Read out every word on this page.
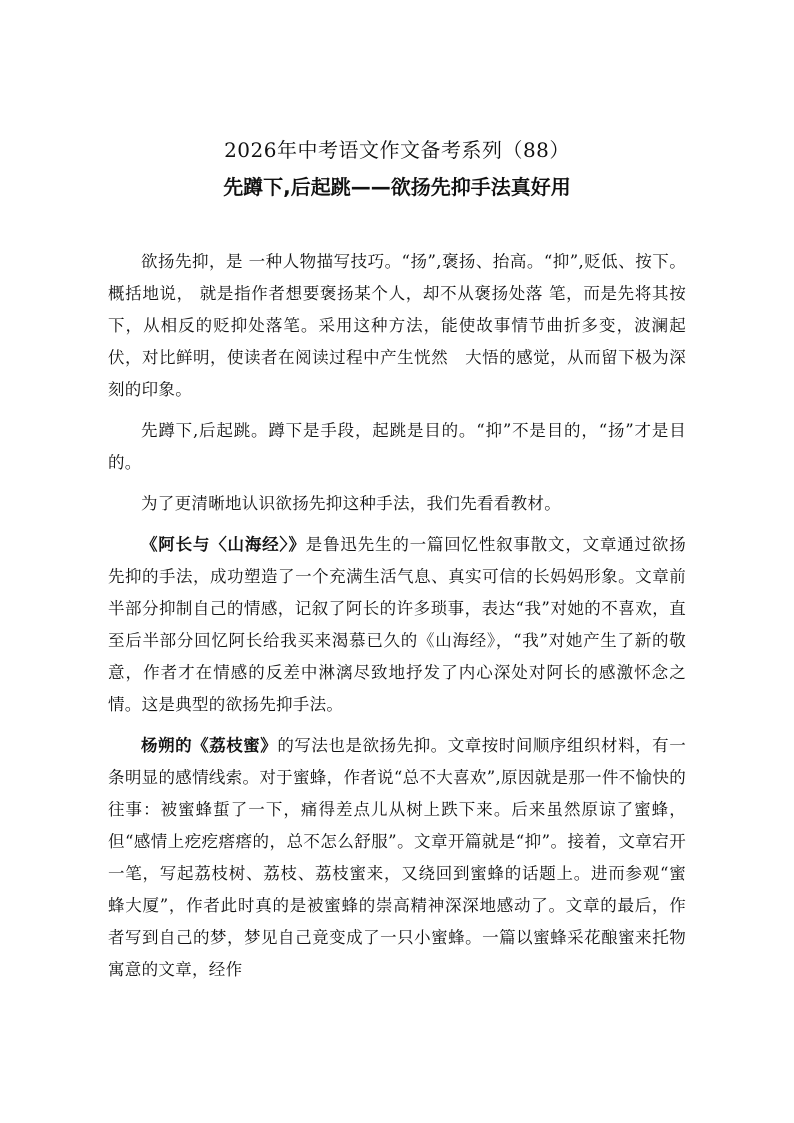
2026年中考语文作文备考系列（88）
先蹲下,后起跳——欲扬先抑手法真好用

欲扬先抑，是 一种人物描写技巧。“扬”,褒扬、抬高。“抑”,贬低、按下。概括地说， 就是指作者想要褒扬某个人，却不从褒扬处落 笔，而是先将其按下，从相反的贬抑处落笔。采用这种方法，能使故事情节曲折多变，波澜起伏，对比鲜明，使读者在阅读过程中产生恍然　大悟的感觉，从而留下极为深刻的印象。

先蹲下,后起跳。蹲下是手段，起跳是目的。“抑”不是目的，“扬”才是目的。

为了更清晰地认识欲扬先抑这种手法，我们先看看教材。

《阿长与〈山海经〉》是鲁迅先生的一篇回忆性叙事散文，文章通过欲扬先抑的手法，成功塑造了一个充满生活气息、真实可信的长妈妈形象。文章前半部分抑制自己的情感，记叙了阿长的许多琐事，表达“我”对她的不喜欢，直至后半部分回忆阿长给我买来渴慕已久的《山海经》，“我”对她产生了新的敬意，作者才在情感的反差中淋漓尽致地抒发了内心深处对阿长的感激怀念之情。这是典型的欲扬先抑手法。

杨朔的《荔枝蜜》的写法也是欲扬先抑。文章按时间顺序组织材料，有一条明显的感情线索。对于蜜蜂，作者说“总不大喜欢”,原因就是那一件不愉快的往事：被蜜蜂蜇了一下，痛得差点儿从树上跌下来。后来虽然原谅了蜜蜂，但“感情上疙疙瘩瘩的，总不怎么舒服”。文章开篇就是“抑”。接着，文章宕开一笔，写起荔枝树、荔枝、荔枝蜜来，又绕回到蜜蜂的话题上。进而参观“蜜蜂大厦”，作者此时真的是被蜜蜂的崇高精神深深地感动了。文章的最后，作者写到自己的梦，梦见自己竟变成了一只小蜜蜂。一篇以蜜蜂采花酿蜜来托物寓意的文章，经作
